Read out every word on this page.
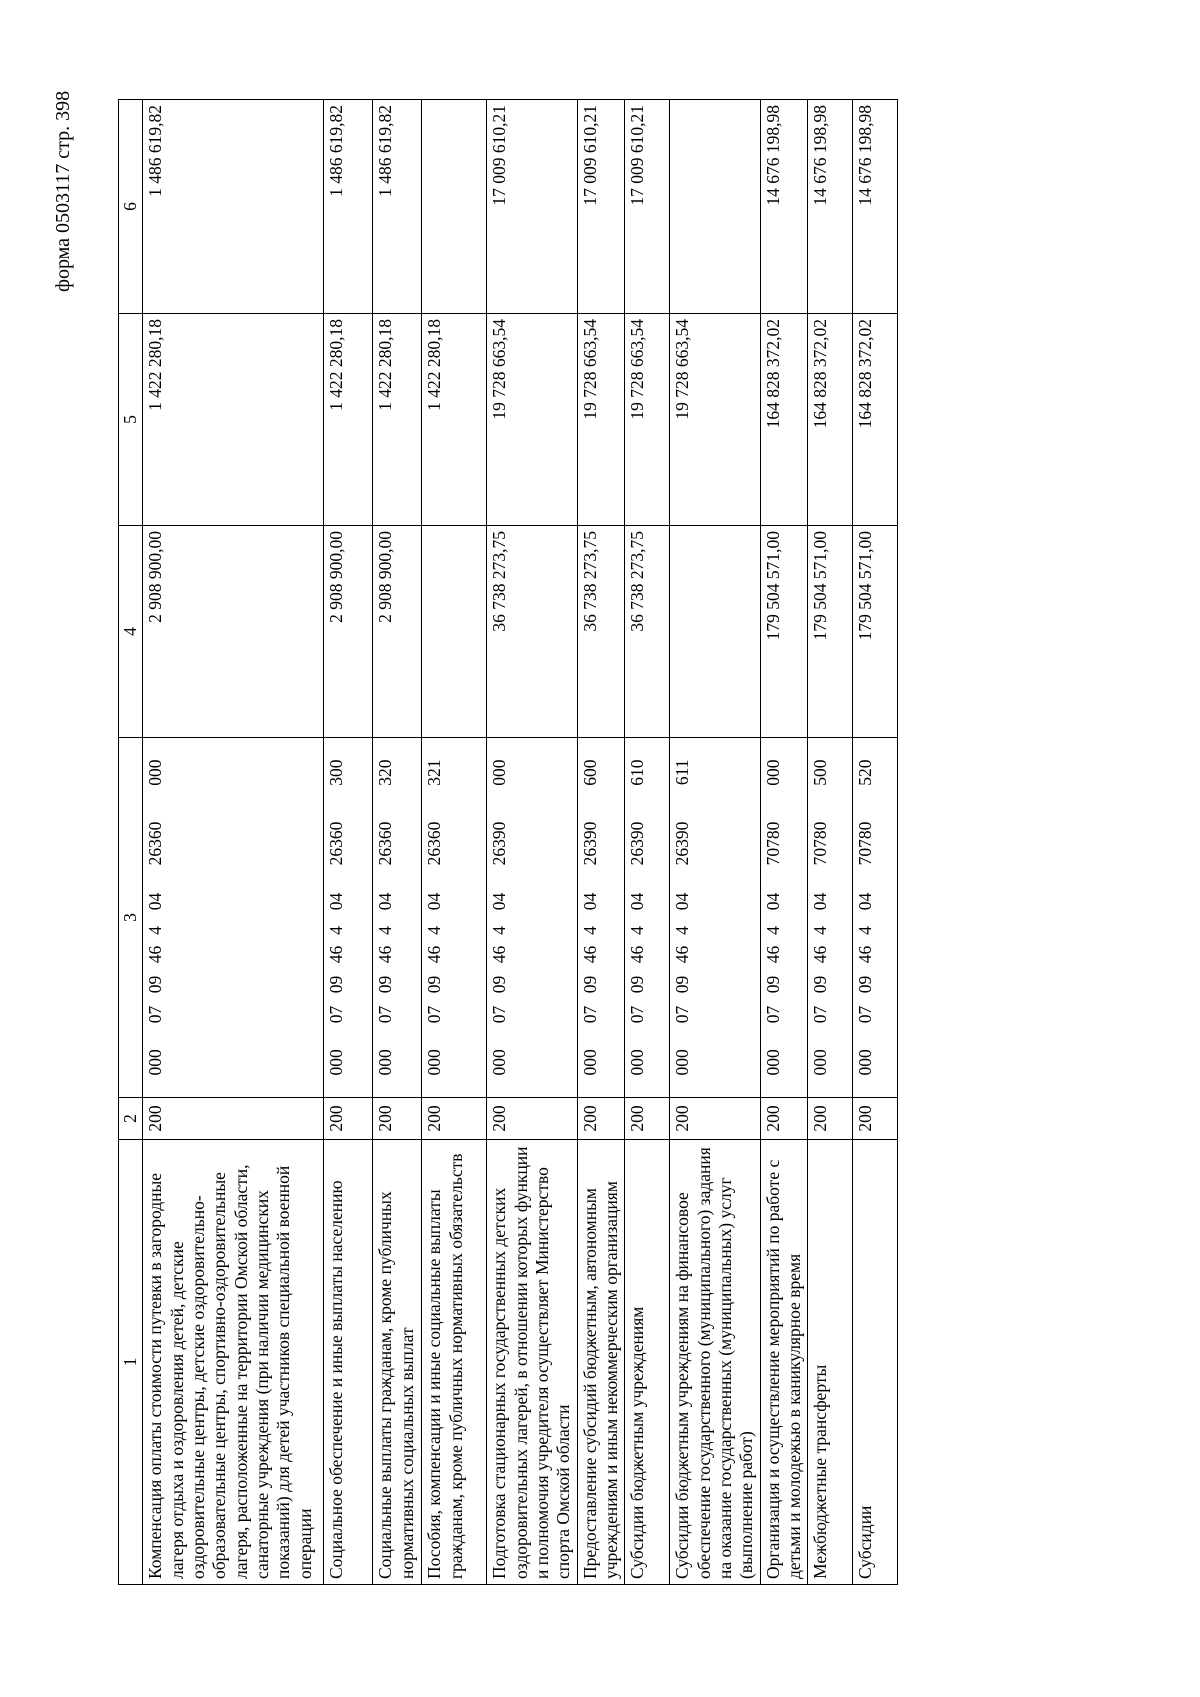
форма 0503117 стр. 398
1	2	3	4	5	6
Компенсация оплаты стоимости путевки в загородные лагеря отдыха и оздоровления детей, детские оздоровительные центры, детские оздоровительно-образовательные центры, спортивно-оздоровительные лагеря, расположенные на территории Омской области, санаторные учреждения (при наличии медицинских показаний) для детей участников специальной военной операции	200	00007094640426360000	2 908 900,00	1 422 280,18	1 486 619,82
Социальное обеспечение и иные выплаты населению	200	00007094640426360300	2 908 900,00	1 422 280,18	1 486 619,82
Социальные выплаты гражданам, кроме публичных нормативных социальных выплат	200	00007094640426360320	2 908 900,00	1 422 280,18	1 486 619,82
Пособия, компенсации и иные социальные выплаты гражданам, кроме публичных нормативных обязательств	200	00007094640426360321		1 422 280,18	
Подготовка стационарных государственных детских оздоровительных лагерей, в отношении которых функции и полномочия учредителя осуществляет Министерство спорта Омской области	200	00007094640426390000	36 738 273,75	19 728 663,54	17 009 610,21
Предоставление субсидий бюджетным, автономным учреждениям и иным некоммерческим организациям	200	00007094640426390600	36 738 273,75	19 728 663,54	17 009 610,21
Субсидии бюджетным учреждениям	200	00007094640426390610	36 738 273,75	19 728 663,54	17 009 610,21
Субсидии бюджетным учреждениям на финансовое обеспечение государственного (муниципального) задания на оказание государственных (муниципальных) услуг (выполнение работ)	200	00007094640426390611		19 728 663,54	
Организация и осуществление мероприятий по работе с детьми и молодежью в каникулярное время	200	00007094640470780000	179 504 571,00	164 828 372,02	14 676 198,98
Межбюджетные трансферты	200	00007094640470780500	179 504 571,00	164 828 372,02	14 676 198,98
Субсидии	200	00007094640470780520	179 504 571,00	164 828 372,02	14 676 198,98
